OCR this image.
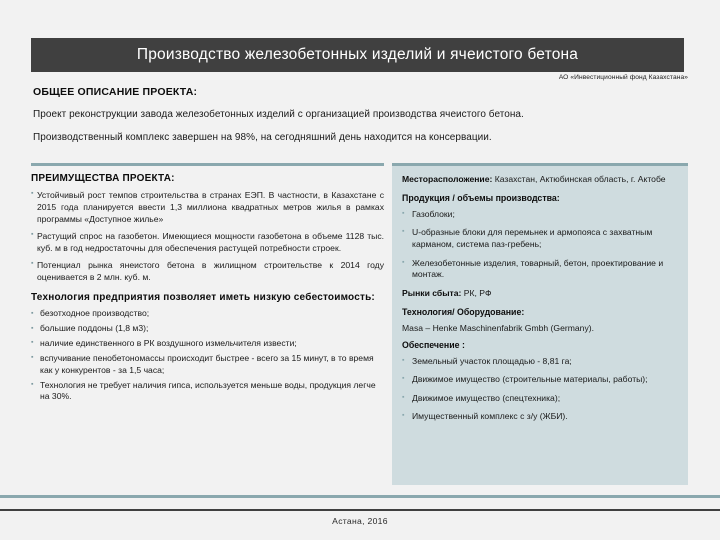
Производство железобетонных изделий и ячеистого бетона
АО «Инвестиционный фонд Казахстана»
ОБЩЕЕ ОПИСАНИЕ ПРОЕКТА:
Проект реконструкции завода железобетонных изделий с организацией производства ячеистого бетона.
Производственный комплекс завершен на 98%, на сегодняшний день находится на консервации.
ПРЕИМУЩЕСТВА ПРОЕКТА:
▪ Устойчивый рост темпов строительства в странах ЕЭП. В частности, в Казахстане с 2015 года планируется ввести 1,3 миллиона квадратных метров жилья в рамках программы «Доступное жилье»
▪ Растущий спрос на газобетон. Имеющиеся мощности газобетона в объеме 1128 тыс. куб. м в год недростаточны для обеспечения растущей потребности строек.
▪ Потенциал рынка янеистого бетона в жилищном строительстве к 2014 году оценивается в 2 млн. куб. м.
Технология предприятия позволяет иметь низкую себестоимость:
▪ безотходное производство;
▪ большие поддоны (1,8 м3);
▪ наличие единственного в РК воздушного измельчителя извести;
▪ вспучивание пенобетономассы происходит быстрее - всего за 15 минут, в то время как у конкурентов - за 1,5 часа;
▪ Технология не требует наличия гипса, используется меньше воды, продукция легче на 30%.
Месторасположение: Казахстан, Актюбинская область, г. Актобе
Продукция / объемы производства:
▪ Газоблоки;
▪ U-образные блоки для перемьнек и армопояса с захватным карманом, система паз-гребень;
▪ Железобетонные изделия, товарный, бетон, проектирование и монтаж.
Рынки сбыта: РК, РФ
Технология/ Оборудование:
Masa – Henke Maschinenfabrik Gmbh (Germany).
Обеспечение :
▪ Земельный участок площадью - 8,81 га;
▪ Движимое имущество (строительные материалы, работы);
▪ Движимое имущество (спецтехника);
▪ Имущественный комплекс с з/у (ЖБИ).
Астана, 2016
